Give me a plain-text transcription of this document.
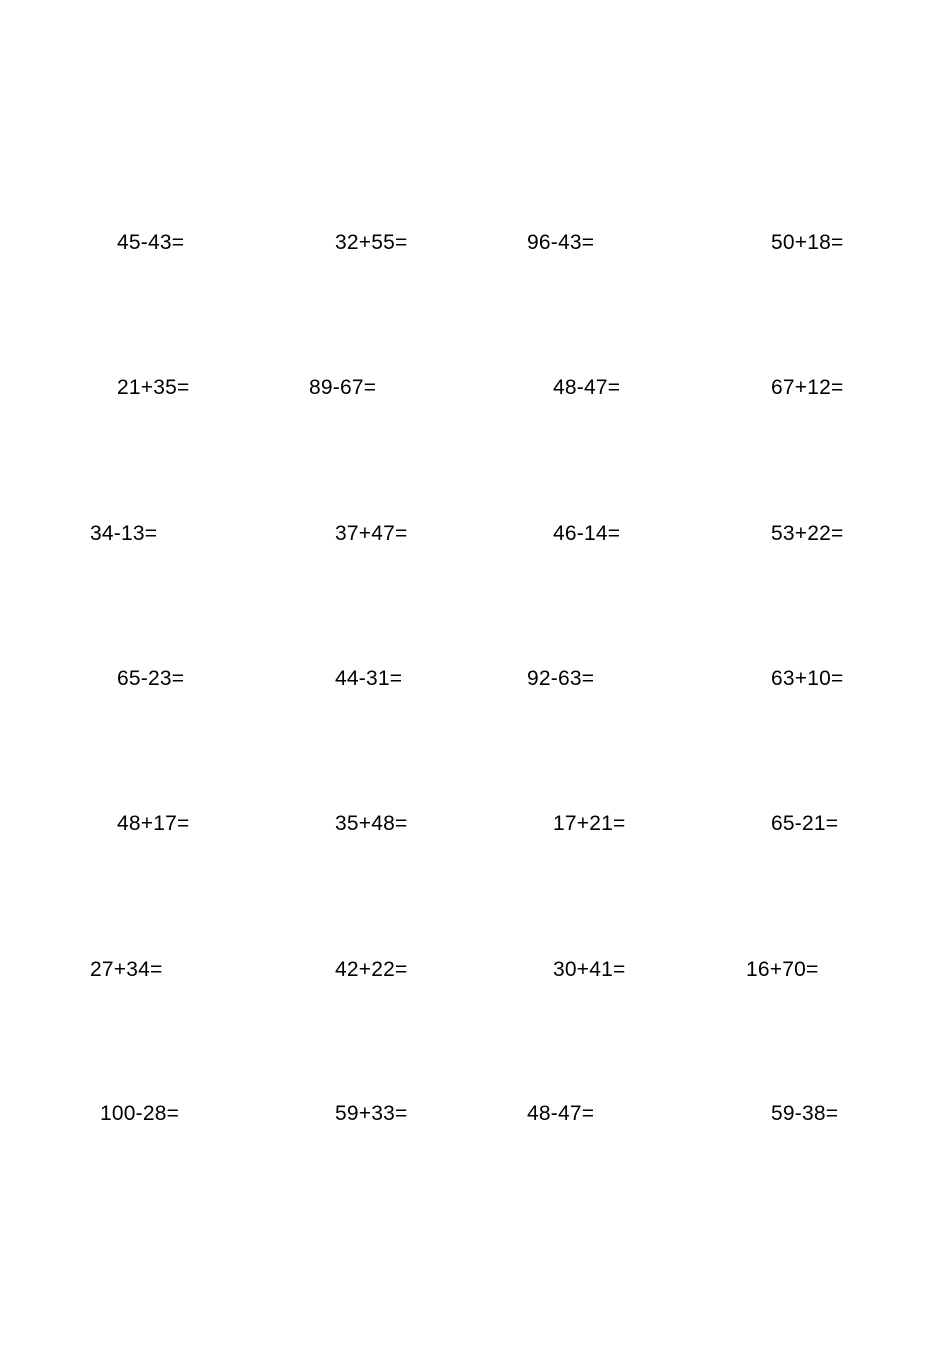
45-43=	32+55=	96-43=	50+18=
21+35=	89-67=	48-47=	67+12=
34-13=	37+47=	46-14=	53+22=
65-23=	44-31=	92-63=	63+10=
48+17=	35+48=	17+21=	65-21=
27+34=	42+22=	30+41=	16+70=
100-28=	59+33=	48-47=	59-38=
